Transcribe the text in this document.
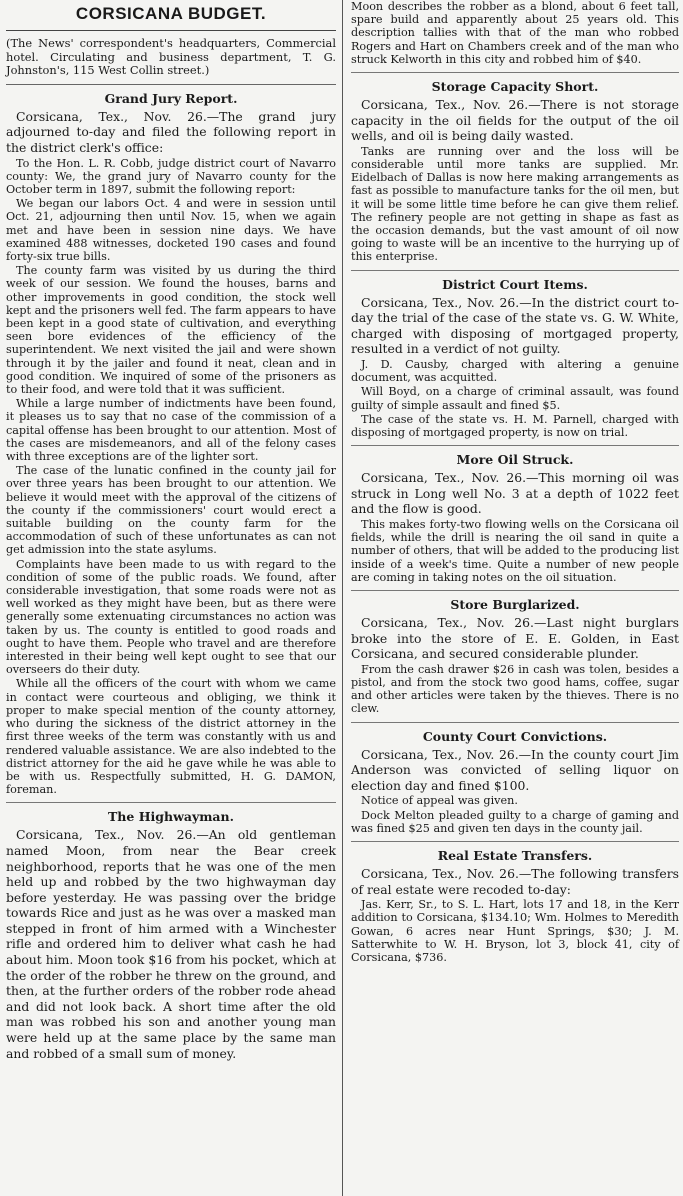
CORSICANA BUDGET.
(The News' correspondent's headquarters, Commercial hotel. Circulating and business department, T. G. Johnston's, 115 West Collin street.)
Grand Jury Report.
Corsicana, Tex., Nov. 26.—The grand jury adjourned to-day and filed the following report in the district clerk's office:
To the Hon. L. R. Cobb, judge district court of Navarro county: We, the grand jury of Navarro county for the October term in 1897, submit the following report:
We began our labors Oct. 4 and were in session until Oct. 21, adjourning then until Nov. 15, when we again met and have been in session nine days. We have examined 488 witnesses, docketed 190 cases and found forty-six true bills.
The county farm was visited by us during the third week of our session. We found the houses, barns and other improvements in good condition, the stock well kept and the prisoners well fed. The farm appears to have been kept in a good state of cultivation, and everything seen bore evidences of the efficiency of the superintendent. We next visited the jail and were shown through it by the jailer and found it neat, clean and in good condition. We inquired of some of the prisoners as to their food, and were told that it was sufficient.
While a large number of indictments have been found, it pleases us to say that no case of the commission of a capital offense has been brought to our attention. Most of the cases are misdemeanors, and all of the felony cases with three exceptions are of the lighter sort.
The case of the lunatic confined in the county jail for over three years has been brought to our attention. We believe it would meet with the approval of the citizens of the county if the commissioners' court would erect a suitable building on the county farm for the accommodation of such of these unfortunates as can not get admission into the state asylums.
Complaints have been made to us with regard to the condition of some of the public roads. We found, after considerable investigation, that some roads were not as well worked as they might have been, but as there were generally some extenuating circumstances no action was taken by us. The county is entitled to good roads and ought to have them. People who travel and are therefore interested in their being well kept ought to see that our overseers do their duty.
While all the officers of the court with whom we came in contact were courteous and obliging, we think it proper to make special mention of the county attorney, who during the sickness of the district attorney in the first three weeks of the term was constantly with us and rendered valuable assistance. We are also indebted to the district attorney for the aid he gave while he was able to be with us. Respectfully submitted, H. G. DAMON, foreman.
The Highwayman.
Corsicana, Tex., Nov. 26.—An old gentleman named Moon, from near the Bear creek neighborhood, reports that he was one of the men held up and robbed by the two highwayman day before yesterday. He was passing over the bridge towards Rice and just as he was over a masked man stepped in front of him armed with a Winchester rifle and ordered him to deliver what cash he had about him. Moon took $16 from his pocket, which at the order of the robber he threw on the ground, and then, at the further orders of the robber rode ahead and did not look back. A short time after the old man was robbed his son and another young man were held up at the same place by the same man and robbed of a small sum of money.
Moon describes the robber as a blond, about 6 feet tall, spare build and apparently about 25 years old. This description tallies with that of the man who robbed Rogers and Hart on Chambers creek and of the man who struck Kelworth in this city and robbed him of $40.
Storage Capacity Short.
Corsicana, Tex., Nov. 26.—There is not storage capacity in the oil fields for the output of the oil wells, and oil is being daily wasted.
Tanks are running over and the loss will be considerable until more tanks are supplied. Mr. Eidelbach of Dallas is now here making arrangements as fast as possible to manufacture tanks for the oil men, but it will be some little time before he can give them relief. The refinery people are not getting in shape as fast as the occasion demands, but the vast amount of oil now going to waste will be an incentive to the hurrying up of this enterprise.
District Court Items.
Corsicana, Tex., Nov. 26.—In the district court to-day the trial of the case of the state vs. G. W. White, charged with disposing of mortgaged property, resulted in a verdict of not guilty.
J. D. Causby, charged with altering a genuine document, was acquitted.
Will Boyd, on a charge of criminal assault, was found guilty of simple assault and fined $5.
The case of the state vs. H. M. Parnell, charged with disposing of mortgaged property, is now on trial.
More Oil Struck.
Corsicana, Tex., Nov. 26.—This morning oil was struck in Long well No. 3 at a depth of 1022 feet and the flow is good.
This makes forty-two flowing wells on the Corsicana oil fields, while the drill is nearing the oil sand in quite a number of others, that will be added to the producing list inside of a week's time. Quite a number of new people are coming in taking notes on the oil situation.
Store Burglarized.
Corsicana, Tex., Nov. 26.—Last night burglars broke into the store of E. E. Golden, in East Corsicana, and secured considerable plunder.
From the cash drawer $26 in cash was tolen, besides a pistol, and from the stock two good hams, coffee, sugar and other articles were taken by the thieves. There is no clew.
County Court Convictions.
Corsicana, Tex., Nov. 26.—In the county court Jim Anderson was convicted of selling liquor on election day and fined $100.
Notice of appeal was given.
Dock Melton pleaded guilty to a charge of gaming and was fined $25 and given ten days in the county jail.
Real Estate Transfers.
Corsicana, Tex., Nov. 26.—The following transfers of real estate were recoded to-day:
Jas. Kerr, Sr., to S. L. Hart, lots 17 and 18, in the Kerr addition to Corsicana, $134.10; Wm. Holmes to Meredith Gowan, 6 acres near Hunt Springs, $30; J. M. Satterwhite to W. H. Bryson, lot 3, block 41, city of Corsicana, $736.
